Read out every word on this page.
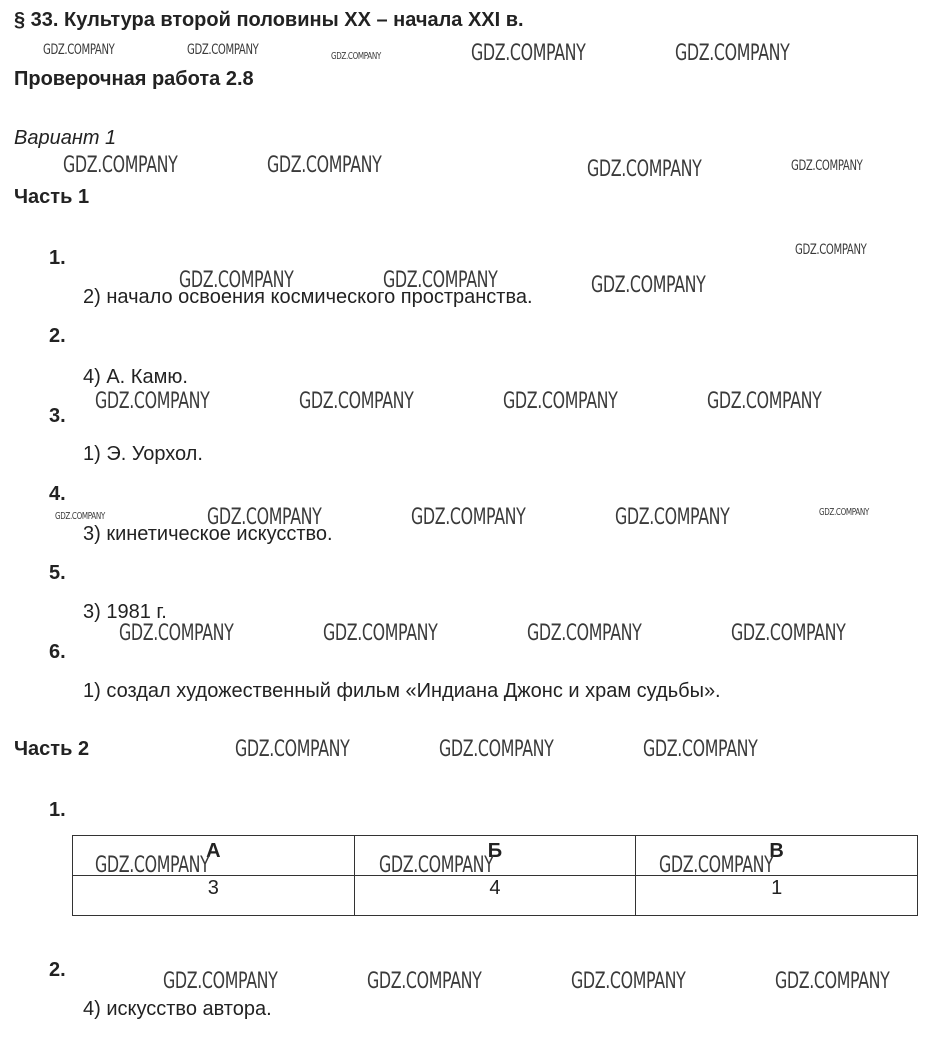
§ 33. Культура второй половины XX – начала XXI в.
Проверочная работа 2.8
Вариант 1
Часть 1
1.
2) начало освоения космического пространства.
2.
4) А. Камю.
3.
1) Э. Уорхол.
4.
3) кинетическое искусство.
5.
3) 1981 г.
6.
1) создал художественный фильм «Индиана Джонс и храм судьбы».
Часть 2
1.
А	Б	В
3	4	1
2.
4) искусство автора.
GDZ.COMPANY	GDZ.COMPANY	GDZ.COMPANY	GDZ.COMPANY	GDZ.COMPANY
GDZ.COMPANY	GDZ.COMPANY	GDZ.COMPANY	GDZ.COMPANY
GDZ.COMPANY
GDZ.COMPANY	GDZ.COMPANY	GDZ.COMPANY
GDZ.COMPANY	GDZ.COMPANY	GDZ.COMPANY	GDZ.COMPANY
GDZ.COMPANY	GDZ.COMPANY	GDZ.COMPANY	GDZ.COMPANY	GDZ.COMPANY
GDZ.COMPANY	GDZ.COMPANY	GDZ.COMPANY	GDZ.COMPANY
GDZ.COMPANY	GDZ.COMPANY	GDZ.COMPANY
GDZ.COMPANY	GDZ.COMPANY	GDZ.COMPANY
GDZ.COMPANY	GDZ.COMPANY	GDZ.COMPANY	GDZ.COMPANY
